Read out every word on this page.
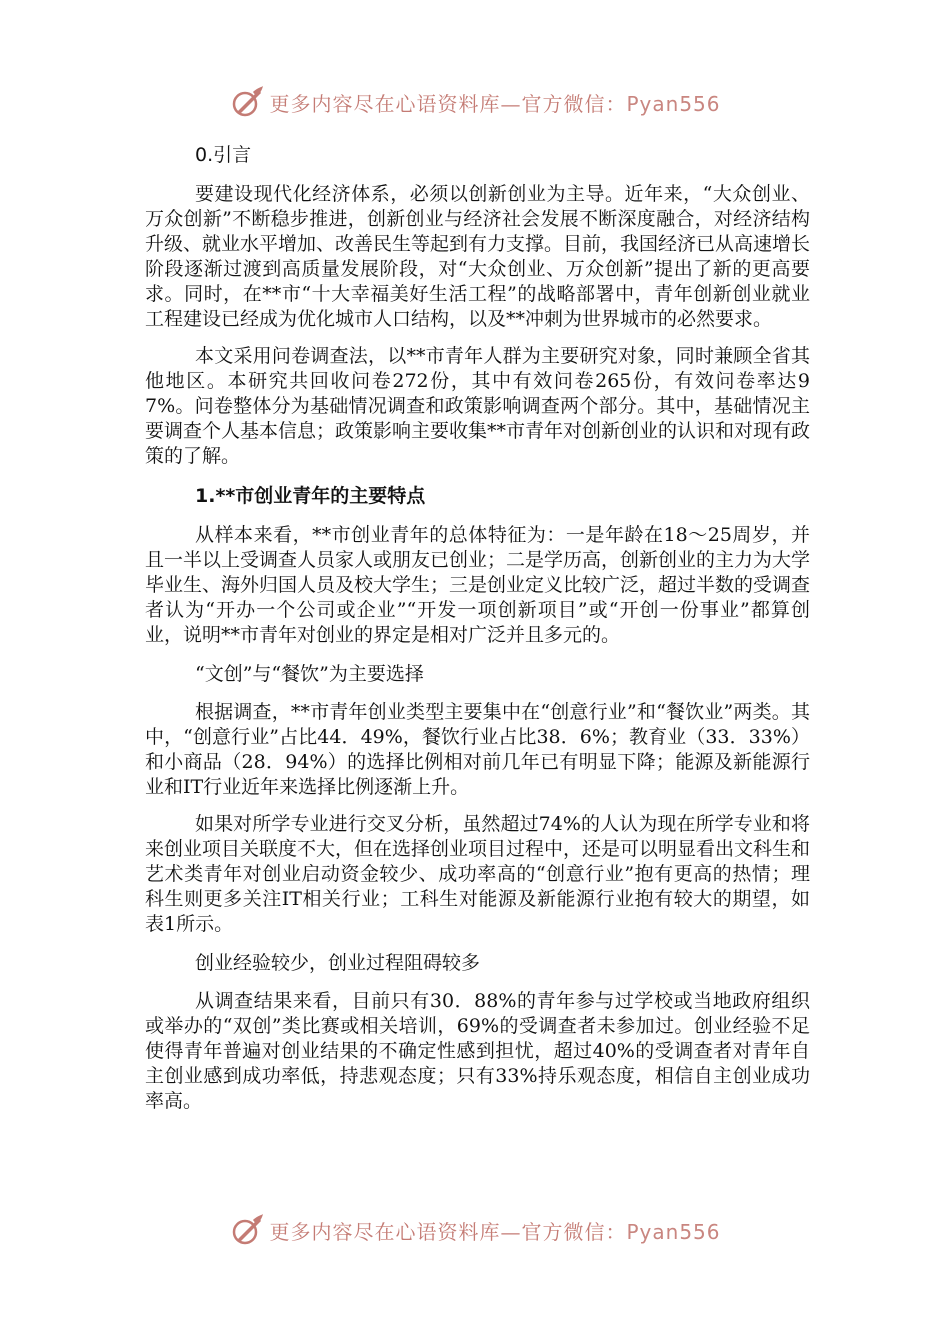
更多内容尽在心语资料库—官方微信：Pyan556
0.引言

要建设现代化经济体系，必须以创新创业为主导。近年来，“大众创业、万众创新”不断稳步推进，创新创业与经济社会发展不断深度融合，对经济结构升级、就业水平增加、改善民生等起到有力支撑。目前，我国经济已从高速增长阶段逐渐过渡到高质量发展阶段，对“大众创业、万众创新”提出了新的更高要求。同时，在**市“十大幸福美好生活工程”的战略部署中，青年创新创业就业工程建设已经成为优化城市人口结构，以及**冲刺为世界城市的必然要求。

本文采用问卷调查法，以**市青年人群为主要研究对象，同时兼顾全省其他地区。本研究共回收问卷272份，其中有效问卷265份，有效问卷率达97%。问卷整体分为基础情况调查和政策影响调查两个部分。其中，基础情况主要调查个人基本信息；政策影响主要收集**市青年对创新创业的认识和对现有政策的了解。

1.**市创业青年的主要特点

从样本来看，**市创业青年的总体特征为：一是年龄在18～25周岁，并且一半以上受调查人员家人或朋友已创业；二是学历高，创新创业的主力为大学毕业生、海外归国人员及校大学生；三是创业定义比较广泛，超过半数的受调查者认为“开办一个公司或企业”“开发一项创新项目”或“开创一份事业”都算创业，说明**市青年对创业的界定是相对广泛并且多元的。

“文创”与“餐饮”为主要选择

根据调查，**市青年创业类型主要集中在“创意行业”和“餐饮业”两类。其中，“创意行业”占比44．49%，餐饮行业占比38．6%；教育业（33．33%）和小商品（28．94%）的选择比例相对前几年已有明显下降；能源及新能源行业和IT行业近年来选择比例逐渐上升。

如果对所学专业进行交叉分析，虽然超过74%的人认为现在所学专业和将来创业项目关联度不大，但在选择创业项目过程中，还是可以明显看出文科生和艺术类青年对创业启动资金较少、成功率高的“创意行业”抱有更高的热情；理科生则更多关注IT相关行业；工科生对能源及新能源行业抱有较大的期望，如表1所示。

创业经验较少，创业过程阻碍较多

从调查结果来看，目前只有30．88%的青年参与过学校或当地政府组织或举办的“双创”类比赛或相关培训，69%的受调查者未参加过。创业经验不足使得青年普遍对创业结果的不确定性感到担忧，超过40%的受调查者对青年自主创业感到成功率低，持悲观态度；只有33%持乐观态度，相信自主创业成功率高。

更多内容尽在心语资料库—官方微信：Pyan556
